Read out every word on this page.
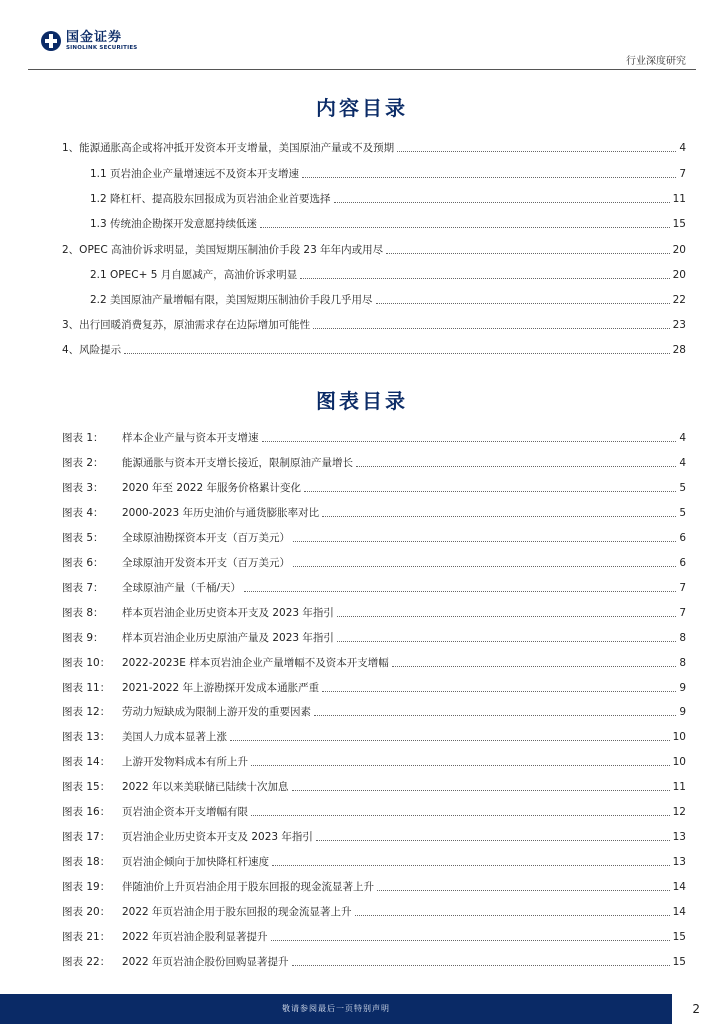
国金证券
SINOLINK SECURITIES
行业深度研究
内容目录
1、能源通胀高企或将冲抵开发资本开支增量，美国原油产量或不及预期	4
1.1 页岩油企业产量增速远不及资本开支增速	7
1.2 降杠杆、提高股东回报成为页岩油企业首要选择	11
1.3 传统油企勘探开发意愿持续低迷	15
2、OPEC 高油价诉求明显，美国短期压制油价手段 23 年年内或用尽	20
2.1 OPEC+ 5 月自愿减产，高油价诉求明显	20
2.2 美国原油产量增幅有限，美国短期压制油价手段几乎用尽	22
3、出行回暖消费复苏，原油需求存在边际增加可能性	23
4、风险提示	28
图表目录
图表 1：	样本企业产量与资本开支增速	4
图表 2：	能源通胀与资本开支增长接近，限制原油产量增长	4
图表 3：	2020 年至 2022 年服务价格累计变化	5
图表 4：	2000-2023 年历史油价与通货膨胀率对比	5
图表 5：	全球原油勘探资本开支（百万美元）	6
图表 6：	全球原油开发资本开支（百万美元）	6
图表 7：	全球原油产量（千桶/天）	7
图表 8：	样本页岩油企业历史资本开支及 2023 年指引	7
图表 9：	样本页岩油企业历史原油产量及 2023 年指引	8
图表 10：	2022-2023E 样本页岩油企业产量增幅不及资本开支增幅	8
图表 11：	2021-2022 年上游勘探开发成本通胀严重	9
图表 12：	劳动力短缺成为限制上游开发的重要因素	9
图表 13：	美国人力成本显著上涨	10
图表 14：	上游开发物料成本有所上升	10
图表 15：	2022 年以来美联储已陆续十次加息	11
图表 16：	页岩油企资本开支增幅有限	12
图表 17：	页岩油企业历史资本开支及 2023 年指引	13
图表 18：	页岩油企倾向于加快降杠杆速度	13
图表 19：	伴随油价上升页岩油企用于股东回报的现金流显著上升	14
图表 20：	2022 年页岩油企用于股东回报的现金流显著上升	14
图表 21：	2022 年页岩油企股利显著提升	15
图表 22：	2022 年页岩油企股份回购显著提升	15
敬请参阅最后一页特别声明	2
